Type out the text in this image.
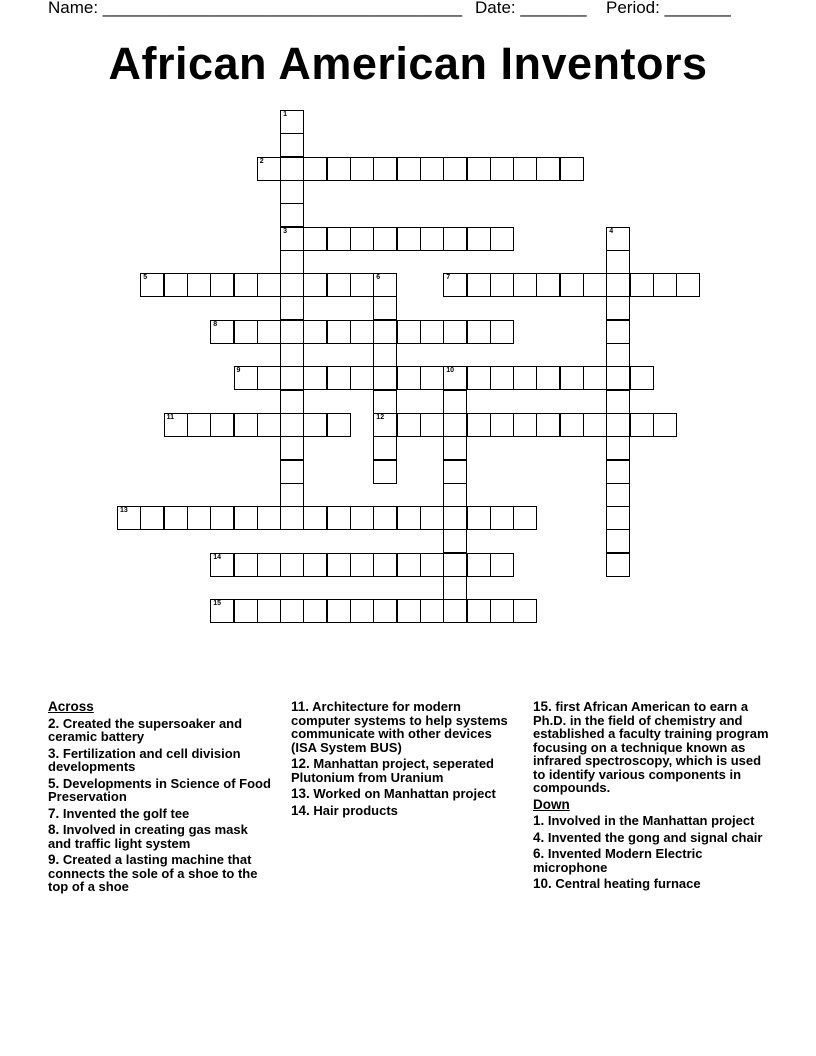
Name: ______________________________________

Date: _______

Period: _______

African American Inventors
1
3
2
4
5	6
12
7
8
9	10
11
13
14
15
Across
2. Created the supersoaker and ceramic battery
3. Fertilization and cell division developments
5. Developments in Science of Food Preservation
7. Invented the golf tee
8. Involved in creating gas mask and traffic light system
9. Created a lasting machine that connects the sole of a shoe to the top of a shoe
11. Architecture for modern computer systems to help systems communicate with other devices (ISA System BUS)
12. Manhattan project, seperated Plutonium from Uranium
13. Worked on Manhattan project
14. Hair products
15. first African American to earn a Ph.D. in the field of chemistry and established a faculty training program focusing on a technique known as infrared spectroscopy, which is used to identify various components in compounds.
Down
1. Involved in the Manhattan project
4. Invented the gong and signal chair
6. Invented Modern Electric microphone
10. Central heating furnace
